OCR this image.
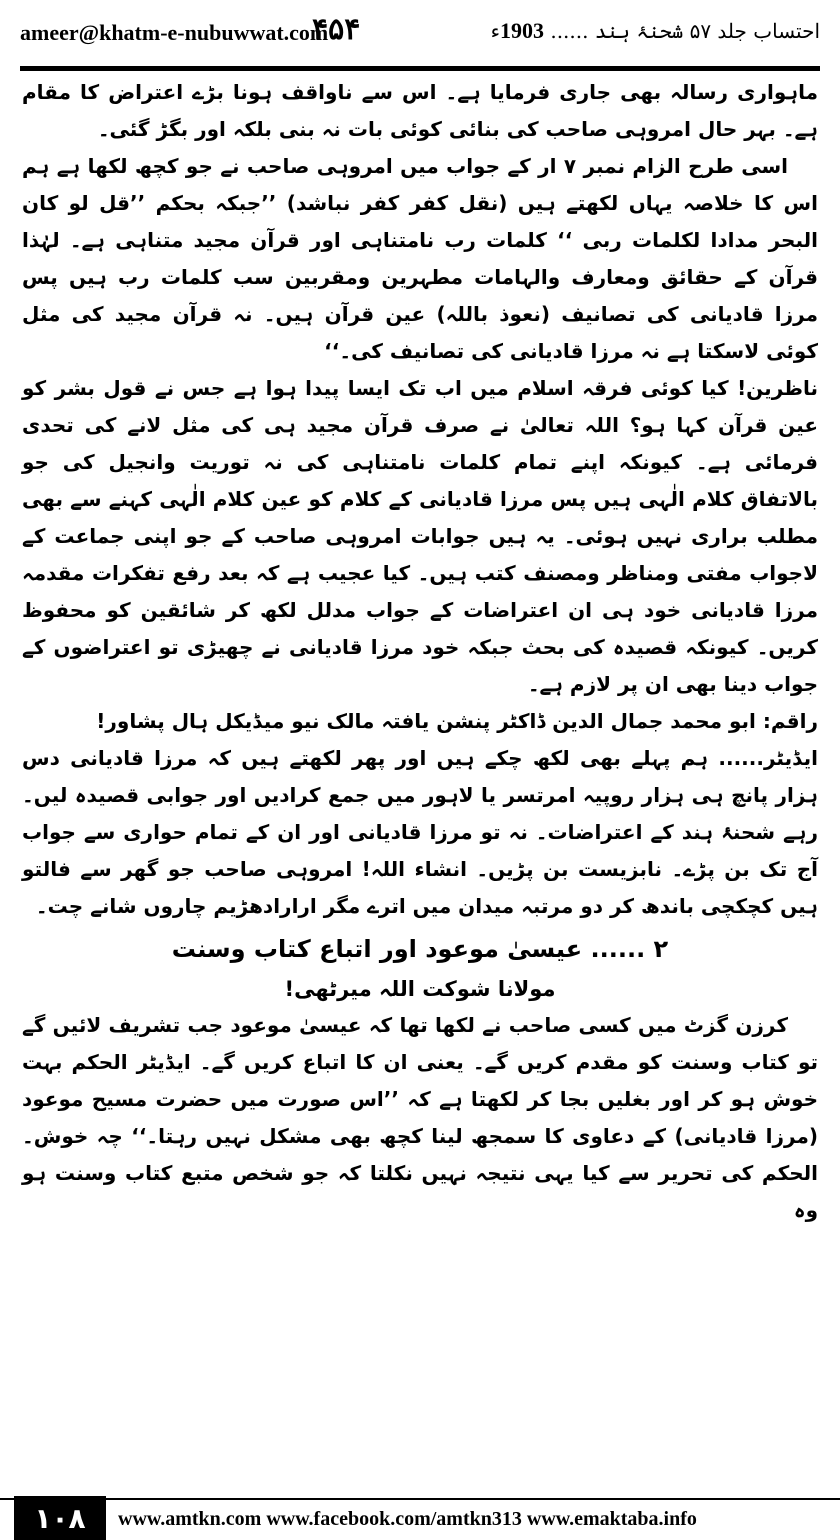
ameer@khatm-e-nubuwwat.com
۴۵۴	احتساب جلد ۵۷ شحنۂ ہند ...... 1903ء

ماہواری رسالہ بھی جاری فرمایا ہے۔ اس سے ناواقف ہونا بڑے اعتراض کا مقام ہے۔ بہر حال امروہی صاحب کی بنائی کوئی بات نہ بنی بلکہ اور بگڑ گئی۔

اسی طرح الزام نمبر ۷ ار کے جواب میں امروہی صاحب نے جو کچھ لکھا ہے ہم اس کا خلاصہ یہاں لکھتے ہیں (نقل کفر کفر نباشد) ’’جبکہ بحکم ’’قل لو کان البحر مدادا لکلمات ربی ‘‘ کلمات رب نامتناہی اور قرآن مجید متناہی ہے۔ لہٰذا قرآن کے حقائق ومعارف والہامات مطہرین ومقربین سب کلمات رب ہیں پس مرزا قادیانی کی تصانیف (نعوذ باللہ) عین قرآن ہیں۔ نہ قرآن مجید کی مثل کوئی لاسکتا ہے نہ مرزا قادیانی کی تصانیف کی۔‘‘

ناظرین! کیا کوئی فرقہ اسلام میں اب تک ایسا پیدا ہوا ہے جس نے قول بشر کو عین قرآن کہا ہو؟ اللہ تعالیٰ نے صرف قرآن مجید ہی کی مثل لانے کی تحدی فرمائی ہے۔ کیونکہ اپنے تمام کلمات نامتناہی کی نہ توریت وانجیل کی جو بالاتفاق کلام الٰہی ہیں پس مرزا قادیانی کے کلام کو عین کلام الٰہی کہنے سے بھی مطلب براری نہیں ہوئی۔ یہ ہیں جوابات امروہی صاحب کے جو اپنی جماعت کے لاجواب مفتی ومناظر ومصنف کتب ہیں۔ کیا عجیب ہے کہ بعد رفع تفکرات مقدمہ مرزا قادیانی خود ہی ان اعتراضات کے جواب مدلل لکھ کر شائقین کو محفوظ کریں۔ کیونکہ قصیدہ کی بحث جبکہ خود مرزا قادیانی نے چھیڑی تو اعتراضوں کے جواب دینا بھی ان پر لازم ہے۔

راقم: ابو محمد جمال الدین ڈاکٹر پنشن یافتہ مالک نیو میڈیکل ہال پشاور!

ایڈیٹر...... ہم پہلے بھی لکھ چکے ہیں اور پھر لکھتے ہیں کہ مرزا قادیانی دس ہزار پانچ ہی ہزار روپیہ امرتسر یا لاہور میں جمع کرادیں اور جوابی قصیدہ لیں۔ رہے شحنۂ ہند کے اعتراضات۔ نہ تو مرزا قادیانی اور ان کے تمام حواری سے جواب آج تک بن پڑے۔ نابزیست بن پڑیں۔ انشاء اللہ! امروہی صاحب جو گھر سے فالتو ہیں کچکچی باندھ کر دو مرتبہ میدان میں اترے مگر ارارادھڑیم چاروں شانے چت۔

۲ ...... عیسیٰ موعود اور اتباع کتاب وسنت
مولانا شوکت اللہ میرٹھی!

کرزن گزٹ میں کسی صاحب نے لکھا تھا کہ عیسیٰ موعود جب تشریف لائیں گے تو کتاب وسنت کو مقدم کریں گے۔ یعنی ان کا اتباع کریں گے۔ ایڈیٹر الحکم بہت خوش ہو کر اور بغلیں بجا کر لکھتا ہے کہ ’’اس صورت میں حضرت مسیح موعود (مرزا قادیانی) کے دعاوی کا سمجھ لینا کچھ بھی مشکل نہیں رہتا۔‘‘ چہ خوش۔ الحکم کی تحریر سے کیا یہی نتیجہ نہیں نکلتا کہ جو شخص متبع کتاب وسنت ہو وہ

۱۰۸	www.amtkn.com www.facebook.com/amtkn313 www.emaktaba.info
